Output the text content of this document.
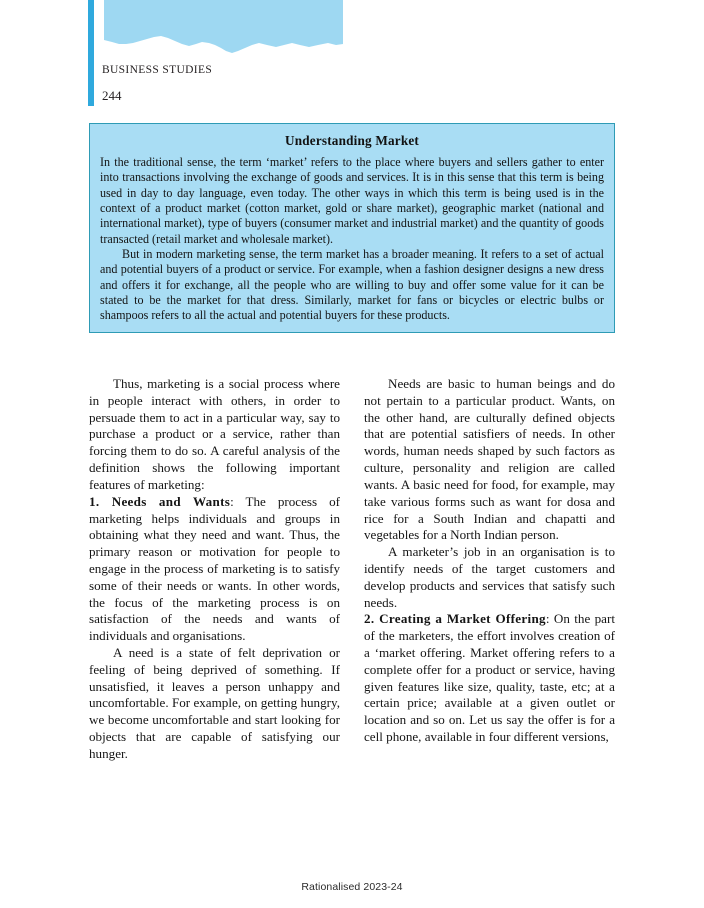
BUSINESS STUDIES
244
Understanding Market

In the traditional sense, the term ‘market’ refers to the place where buyers and sellers gather to enter into transactions involving the exchange of goods and services. It is in this sense that this term is being used in day to day language, even today. The other ways in which this term is being used is in the context of a product market (cotton market, gold or share market), geographic market (national and international market), type of buyers (consumer market and industrial market) and the quantity of goods transacted (retail market and wholesale market).

But in modern marketing sense, the term market has a broader meaning. It refers to a set of actual and potential buyers of a product or service. For example, when a fashion designer designs a new dress and offers it for exchange, all the people who are willing to buy and offer some value for it can be stated to be the market for that dress. Similarly, market for fans or bicycles or electric bulbs or shampoos refers to all the actual and potential buyers for these products.

Thus, marketing is a social process where in people interact with others, in order to persuade them to act in a particular way, say to purchase a product or a service, rather than forcing them to do so. A careful analysis of the definition shows the following important features of marketing:

1. Needs and Wants: The process of marketing helps individuals and groups in obtaining what they need and want. Thus, the primary reason or motivation for people to engage in the process of marketing is to satisfy some of their needs or wants. In other words, the focus of the marketing process is on satisfaction of the needs and wants of individuals and organisations.

A need is a state of felt deprivation or feeling of being deprived of something. If unsatisfied, it leaves a person unhappy and uncomfortable. For example, on getting hungry, we become uncomfortable and start looking for objects that are capable of satisfying our hunger.

Needs are basic to human beings and do not pertain to a particular product. Wants, on the other hand, are culturally defined objects that are potential satisfiers of needs. In other words, human needs shaped by such factors as culture, personality and religion are called wants. A basic need for food, for example, may take various forms such as want for dosa and rice for a South Indian and chapatti and vegetables for a North Indian person.

A marketer’s job in an organisation is to identify needs of the target customers and develop products and services that satisfy such needs.

2. Creating a Market Offering: On the part of the marketers, the effort involves creation of a ‘market offering. Market offering refers to a complete offer for a product or service, having given features like size, quality, taste, etc; at a certain price; available at a given outlet or location and so on. Let us say the offer is for a cell phone, available in four different versions,

Rationalised 2023-24
